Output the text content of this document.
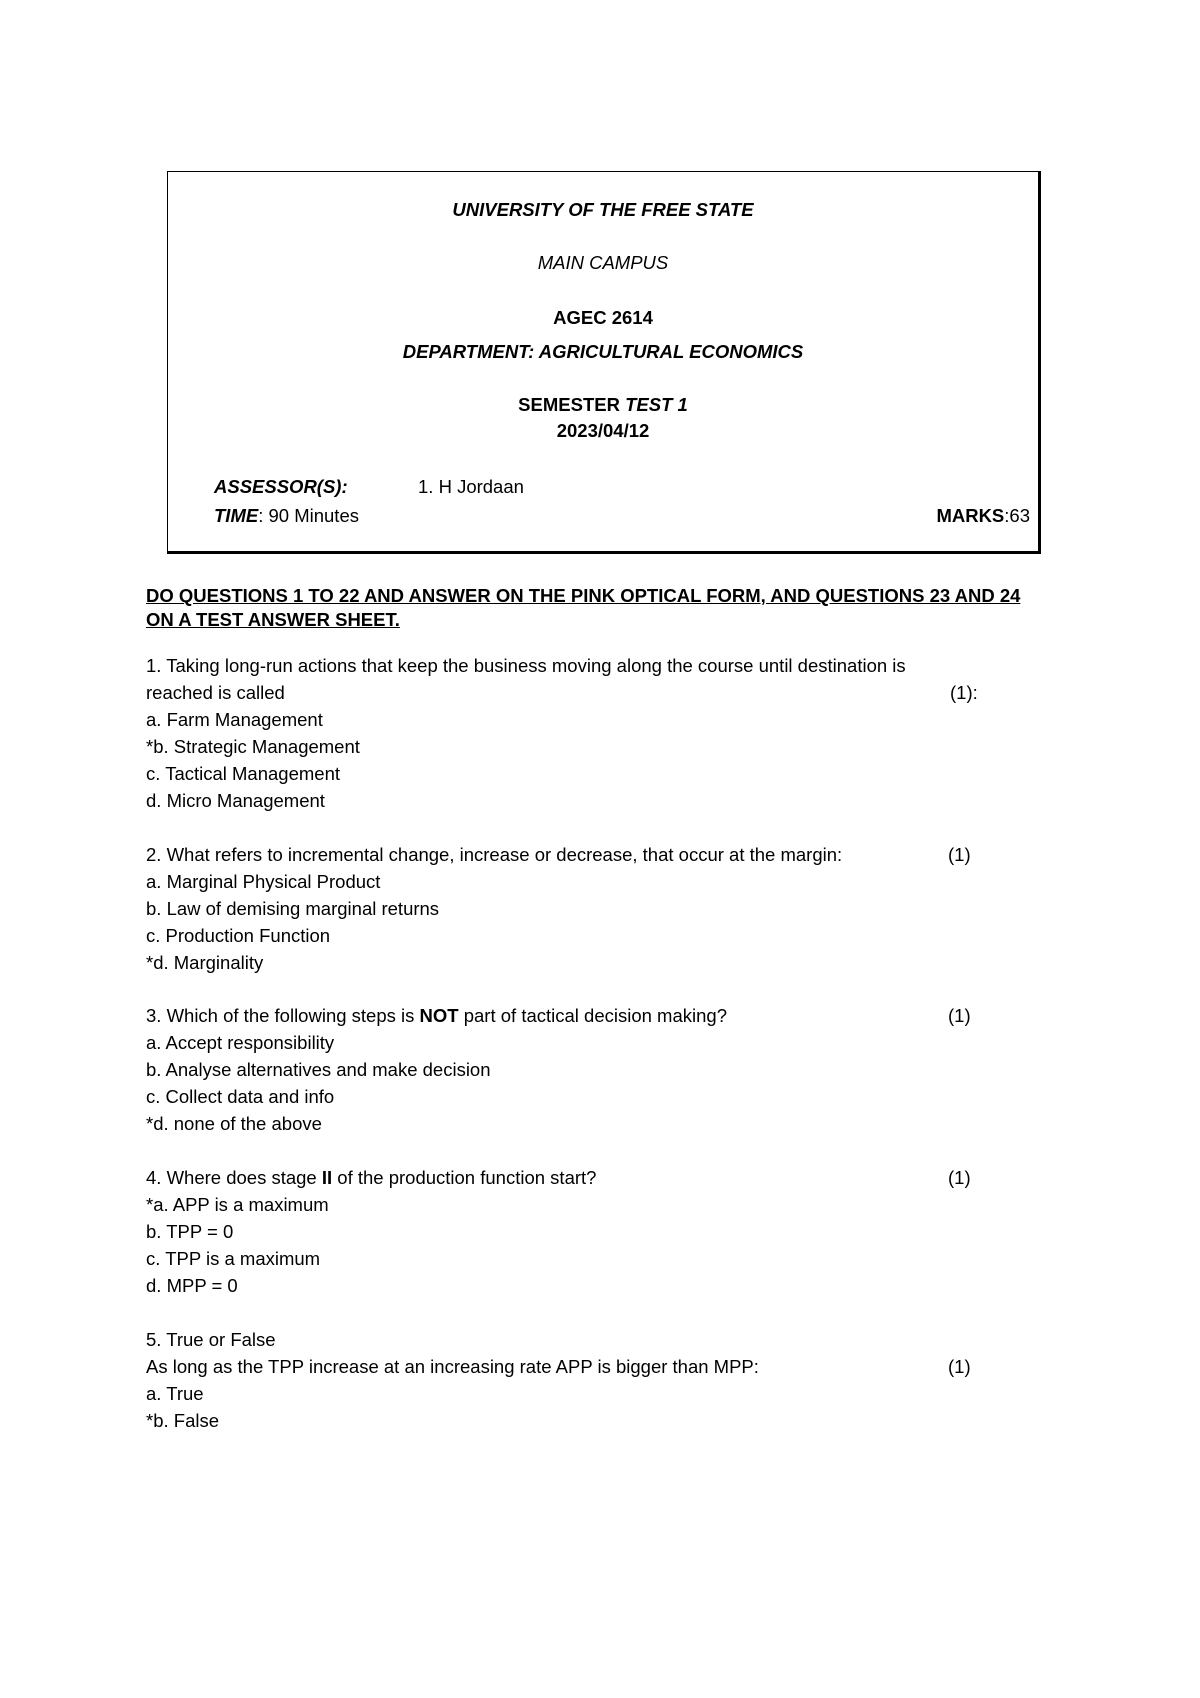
UNIVERSITY OF THE FREE STATE
MAIN CAMPUS
AGEC 2614
DEPARTMENT: AGRICULTURAL ECONOMICS
SEMESTER TEST 1
2023/04/12
ASSESSOR(S):	1. H Jordaan
TIME: 90 Minutes	MARKS:63
DO QUESTIONS 1 TO 22 AND ANSWER ON THE PINK OPTICAL FORM, AND QUESTIONS 23 AND 24 ON A TEST ANSWER SHEET.
1. Taking long-run actions that keep the business moving along the course until destination is
reached is called	(1):
a. Farm Management
*b. Strategic Management
c. Tactical Management
d. Micro Management
2. What refers to incremental change, increase or decrease, that occur at the margin:	(1)
a. Marginal Physical Product
b. Law of demising marginal returns
c. Production Function
*d. Marginality
3. Which of the following steps is NOT part of tactical decision making?	(1)
a. Accept responsibility
b. Analyse alternatives and make decision
c. Collect data and info
*d. none of the above
4. Where does stage II of the production function start?	(1)
*a. APP is a maximum
b. TPP = 0
c. TPP is a maximum
d. MPP = 0
5. True or False
As long as the TPP increase at an increasing rate APP is bigger than MPP:	(1)
a. True
*b. False
